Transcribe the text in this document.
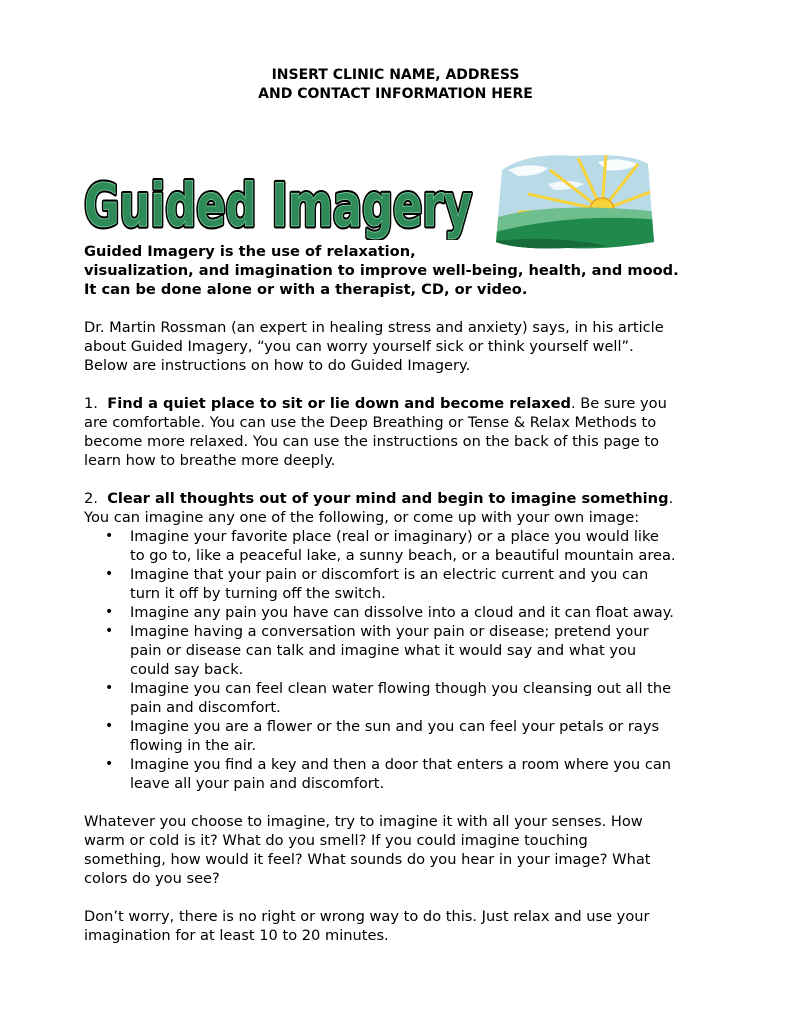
INSERT CLINIC NAME, ADDRESS
AND CONTACT INFORMATION HERE
Guided Imagery
Guided Imagery

Guided Imagery is the use of relaxation,
visualization, and imagination to improve well-being, health, and mood.
It can be done alone or with a therapist, CD, or video.

Dr. Martin Rossman (an expert in healing stress and anxiety) says, in his article
about Guided Imagery, “you can worry yourself sick or think yourself well”.
Below are instructions on how to do Guided Imagery.

1. Find a quiet place to sit or lie down and become relaxed. Be sure you
are comfortable. You can use the Deep Breathing or Tense & Relax Methods to
become more relaxed. You can use the instructions on the back of this page to
learn how to breathe more deeply.

2. Clear all thoughts out of your mind and begin to imagine something.
You can imagine any one of the following, or come up with your own image:

• Imagine your favorite place (real or imaginary) or a place you would like
to go to, like a peaceful lake, a sunny beach, or a beautiful mountain area.
• Imagine that your pain or discomfort is an electric current and you can
turn it off by turning off the switch.
• Imagine any pain you have can dissolve into a cloud and it can float away.
• Imagine having a conversation with your pain or disease; pretend your
pain or disease can talk and imagine what it would say and what you
could say back.
• Imagine you can feel clean water flowing though you cleansing out all the
pain and discomfort.
• Imagine you are a flower or the sun and you can feel your petals or rays
flowing in the air.
• Imagine you find a key and then a door that enters a room where you can
leave all your pain and discomfort.

Whatever you choose to imagine, try to imagine it with all your senses. How
warm or cold is it? What do you smell? If you could imagine touching
something, how would it feel? What sounds do you hear in your image? What
colors do you see?

Don’t worry, there is no right or wrong way to do this. Just relax and use your
imagination for at least 10 to 20 minutes.
